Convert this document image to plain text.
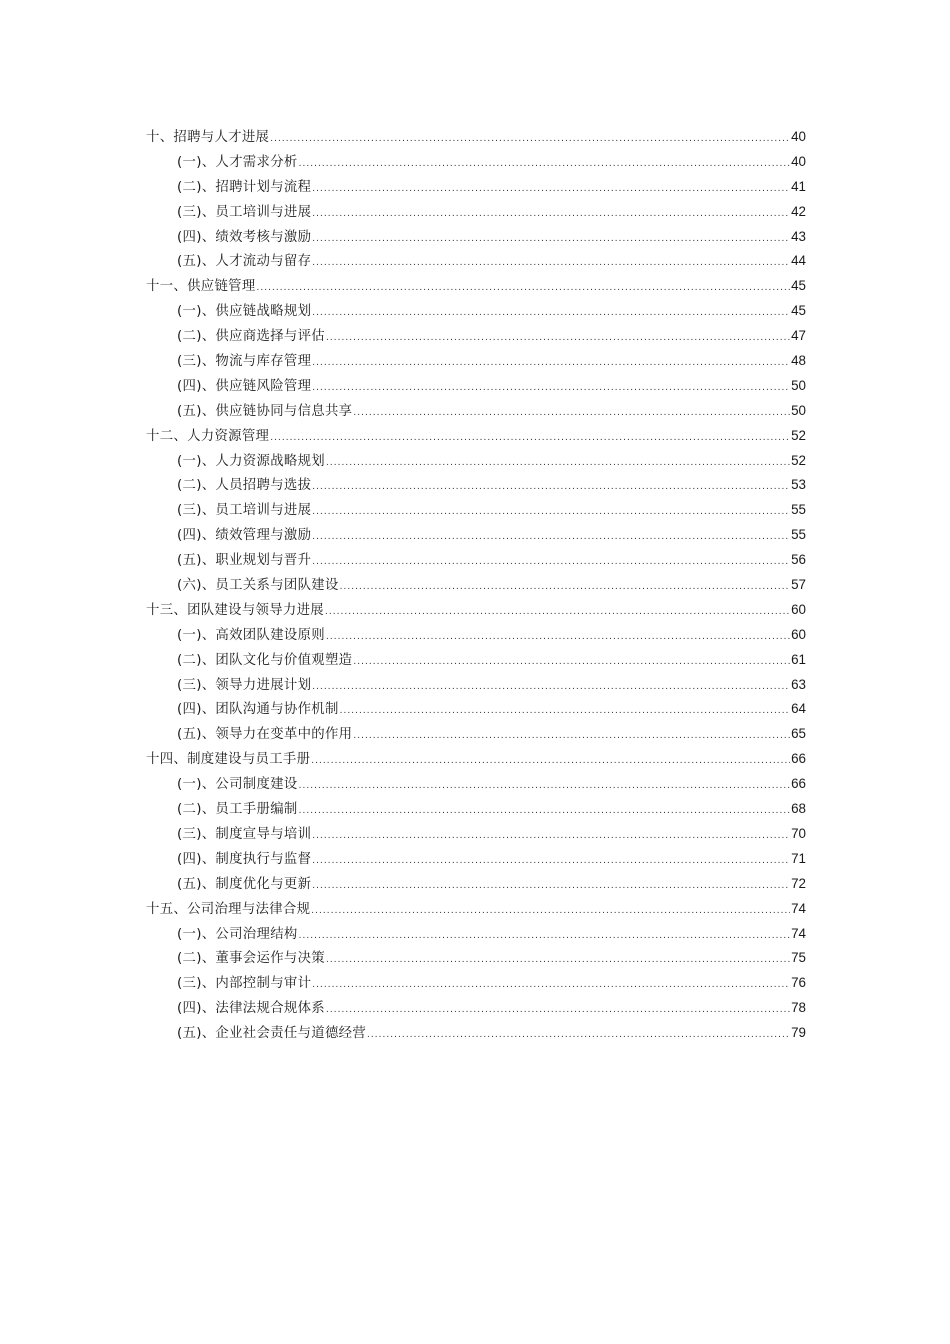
十、招聘与人才进展 .....	40
(一)、人才需求分析 .....	40
(二)、招聘计划与流程 .....	41
(三)、员工培训与进展 .....	42
(四)、绩效考核与激励 .....	43
(五)、人才流动与留存 .....	44
十一、供应链管理 .....	45
(一)、供应链战略规划 .....	45
(二)、供应商选择与评估 .....	47
(三)、物流与库存管理 .....	48
(四)、供应链风险管理 .....	50
(五)、供应链协同与信息共享 .....	50
十二、人力资源管理 .....	52
(一)、人力资源战略规划 .....	52
(二)、人员招聘与选拔 .....	53
(三)、员工培训与进展 .....	55
(四)、绩效管理与激励 .....	55
(五)、职业规划与晋升 .....	56
(六)、员工关系与团队建设 .....	57
十三、团队建设与领导力进展 .....	60
(一)、高效团队建设原则 .....	60
(二)、团队文化与价值观塑造 .....	61
(三)、领导力进展计划 .....	63
(四)、团队沟通与协作机制 .....	64
(五)、领导力在变革中的作用 .....	65
十四、制度建设与员工手册 .....	66
(一)、公司制度建设 .....	66
(二)、员工手册编制 .....	68
(三)、制度宣导与培训 .....	70
(四)、制度执行与监督 .....	71
(五)、制度优化与更新 .....	72
十五、公司治理与法律合规 .....	74
(一)、公司治理结构 .....	74
(二)、董事会运作与决策 .....	75
(三)、内部控制与审计 .....	76
(四)、法律法规合规体系 .....	78
(五)、企业社会责任与道德经营 .....	79
